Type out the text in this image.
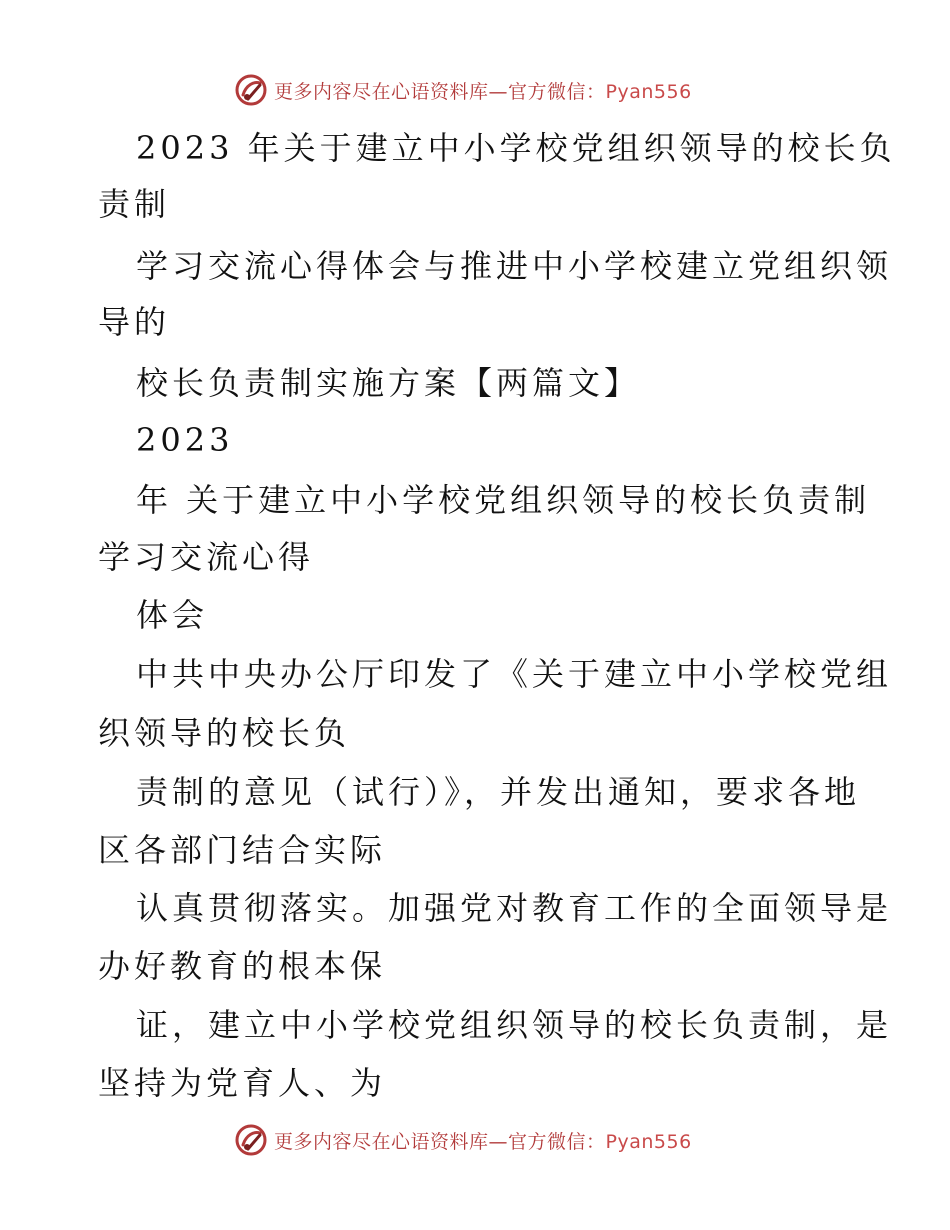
更多内容尽在心语资料库—官方微信：Pyan556

2023 年关于建立中小学校党组织领导的校长负

责制

学习交流心得体会与推进中小学校建立党组织领

导的

校长负责制实施方案【两篇文】

2023

年 关于建立中小学校党组织领导的校长负责制

学习交流心得

体会

中共中央办公厅印发了《关于建立中小学校党组

织领导的校长负

责制的意见（试行）》，并发出通知，要求各地

区各部门结合实际

认真贯彻落实。加强党对教育工作的全面领导是

办好教育的根本保

证，建立中小学校党组织领导的校长负责制，是

坚持为党育人、为

更多内容尽在心语资料库—官方微信：Pyan556
